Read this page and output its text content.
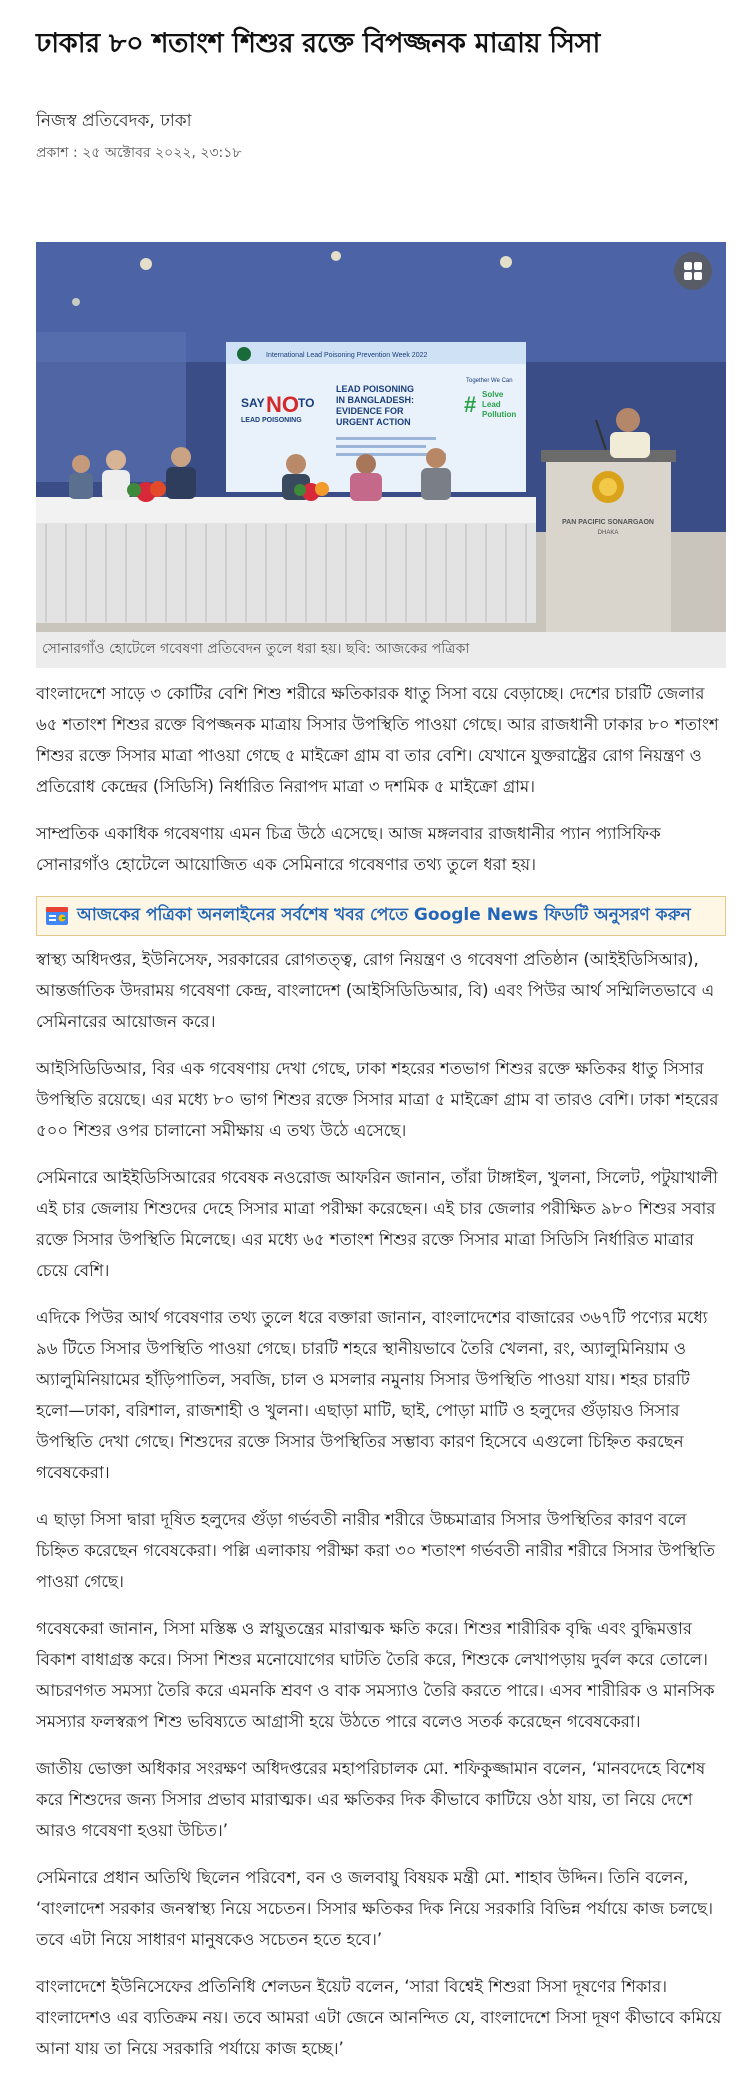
ঢাকার ৮০ শতাংশ শিশুর রক্তে বিপজ্জনক মাত্রায় সিসা
নিজস্ব প্রতিবেদক, ঢাকা
প্রকাশ : ২৫ অক্টোবর ২০২২, ২৩:১৮
International Lead Poisoning Prevention Week 2022
SAY NO TO
LEAD POISONING
LEAD POISONING
IN BANGLADESH:
EVIDENCE FOR
URGENT ACTION
Together We Can
# Solve
Lead
Pollution
PAN PACIFIC SONARGAON
DHAKA
সোনারগাঁও হোটেলে গবেষণা প্রতিবেদন তুলে ধরা হয়। ছবি: আজকের পত্রিকা

বাংলাদেশে সাড়ে ৩ কোটির বেশি শিশু শরীরে ক্ষতিকারক ধাতু সিসা বয়ে বেড়াচ্ছে। দেশের চারটি জেলার ৬৫ শতাংশ শিশুর রক্তে বিপজ্জনক মাত্রায় সিসার উপস্থিতি পাওয়া গেছে। আর রাজধানী ঢাকার ৮০ শতাংশ শিশুর রক্তে সিসার মাত্রা পাওয়া গেছে ৫ মাইক্রো গ্রাম বা তার বেশি। যেখানে যুক্তরাষ্ট্রের রোগ নিয়ন্ত্রণ ও প্রতিরোধ কেন্দ্রের (সিডিসি) নির্ধারিত নিরাপদ মাত্রা ৩ দশমিক ৫ মাইক্রো গ্রাম।

সাম্প্রতিক একাধিক গবেষণায় এমন চিত্র উঠে এসেছে। আজ মঙ্গলবার রাজধানীর প্যান প্যাসিফিক সোনারগাঁও হোটেলে আয়োজিত এক সেমিনারে গবেষণার তথ্য তুলে ধরা হয়।

আজকের পত্রিকা অনলাইনের সর্বশেষ খবর পেতে Google News ফিডটি অনুসরণ করুন

স্বাস্থ্য অধিদপ্তর, ইউনিসেফ, সরকারের রোগতত্ত্ব, রোগ নিয়ন্ত্রণ ও গবেষণা প্রতিষ্ঠান (আইইডিসিআর), আন্তর্জাতিক উদরাময় গবেষণা কেন্দ্র, বাংলাদেশ (আইসিডিডিআর, বি) এবং পিউর আর্থ সম্মিলিতভাবে এ সেমিনারের আয়োজন করে।

আইসিডিডিআর, বির এক গবেষণায় দেখা গেছে, ঢাকা শহরের শতভাগ শিশুর রক্তে ক্ষতিকর ধাতু সিসার উপস্থিতি রয়েছে। এর মধ্যে ৮০ ভাগ শিশুর রক্তে সিসার মাত্রা ৫ মাইক্রো গ্রাম বা তারও বেশি। ঢাকা শহরের ৫০০ শিশুর ওপর চালানো সমীক্ষায় এ তথ্য উঠে এসেছে।

সেমিনারে আইইডিসিআরের গবেষক নওরোজ আফরিন জানান, তাঁরা টাঙ্গাইল, খুলনা, সিলেট, পটুয়াখালী এই চার জেলায় শিশুদের দেহে সিসার মাত্রা পরীক্ষা করেছেন। এই চার জেলার পরীক্ষিত ৯৮০ শিশুর সবার রক্তে সিসার উপস্থিতি মিলেছে। এর মধ্যে ৬৫ শতাংশ শিশুর রক্তে সিসার মাত্রা সিডিসি নির্ধারিত মাত্রার চেয়ে বেশি।

এদিকে পিউর আর্থ গবেষণার তথ্য তুলে ধরে বক্তারা জানান, বাংলাদেশের বাজারের ৩৬৭টি পণ্যের মধ্যে ৯৬ টিতে সিসার উপস্থিতি পাওয়া গেছে। চারটি শহরে স্থানীয়ভাবে তৈরি খেলনা, রং, অ্যালুমিনিয়াম ও অ্যালুমিনিয়ামের হাঁড়িপাতিল, সবজি, চাল ও মসলার নমুনায় সিসার উপস্থিতি পাওয়া যায়। শহর চারটি হলো—ঢাকা, বরিশাল, রাজশাহী ও খুলনা। এছাড়া মাটি, ছাই, পোড়া মাটি ও হলুদের গুঁড়ায়ও সিসার উপস্থিতি দেখা গেছে। শিশুদের রক্তে সিসার উপস্থিতির সম্ভাব্য কারণ হিসেবে এগুলো চিহ্নিত করছেন গবেষকেরা।

এ ছাড়া সিসা দ্বারা দূষিত হলুদের গুঁড়া গর্ভবতী নারীর শরীরে উচ্চমাত্রার সিসার উপস্থিতির কারণ বলে চিহ্নিত করেছেন গবেষকেরা। পল্লি এলাকায় পরীক্ষা করা ৩০ শতাংশ গর্ভবতী নারীর শরীরে সিসার উপস্থিতি পাওয়া গেছে।

গবেষকেরা জানান, সিসা মস্তিষ্ক ও স্নায়ুতন্ত্রের মারাত্মক ক্ষতি করে। শিশুর শারীরিক বৃদ্ধি এবং বুদ্ধিমত্তার বিকাশ বাধাগ্রস্ত করে। সিসা শিশুর মনোযোগের ঘাটতি তৈরি করে, শিশুকে লেখাপড়ায় দুর্বল করে তোলে। আচরণগত সমস্যা তৈরি করে এমনকি শ্রবণ ও বাক সমস্যাও তৈরি করতে পারে। এসব শারীরিক ও মানসিক সমস্যার ফলস্বরূপ শিশু ভবিষ্যতে আগ্রাসী হয়ে উঠতে পারে বলেও সতর্ক করেছেন গবেষকেরা।

জাতীয় ভোক্তা অধিকার সংরক্ষণ অধিদপ্তরের মহাপরিচালক মো. শফিকুজ্জামান বলেন, ‘মানবদেহে বিশেষ করে শিশুদের জন্য সিসার প্রভাব মারাত্মক। এর ক্ষতিকর দিক কীভাবে কাটিয়ে ওঠা যায়, তা নিয়ে দেশে আরও গবেষণা হওয়া উচিত।’

সেমিনারে প্রধান অতিথি ছিলেন পরিবেশ, বন ও জলবায়ু বিষয়ক মন্ত্রী মো. শাহাব উদ্দিন। তিনি বলেন, ‘বাংলাদেশ সরকার জনস্বাস্থ্য নিয়ে সচেতন। সিসার ক্ষতিকর দিক নিয়ে সরকারি বিভিন্ন পর্যায়ে কাজ চলছে। তবে এটা নিয়ে সাধারণ মানুষকেও সচেতন হতে হবে।’

বাংলাদেশে ইউনিসেফের প্রতিনিধি শেলডন ইয়েট বলেন, ‘সারা বিশ্বেই শিশুরা সিসা দূষণের শিকার। বাংলাদেশও এর ব্যতিক্রম নয়। তবে আমরা এটা জেনে আনন্দিত যে, বাংলাদেশে সিসা দূষণ কীভাবে কমিয়ে আনা যায় তা নিয়ে সরকারি পর্যায়ে কাজ হচ্ছে।’
